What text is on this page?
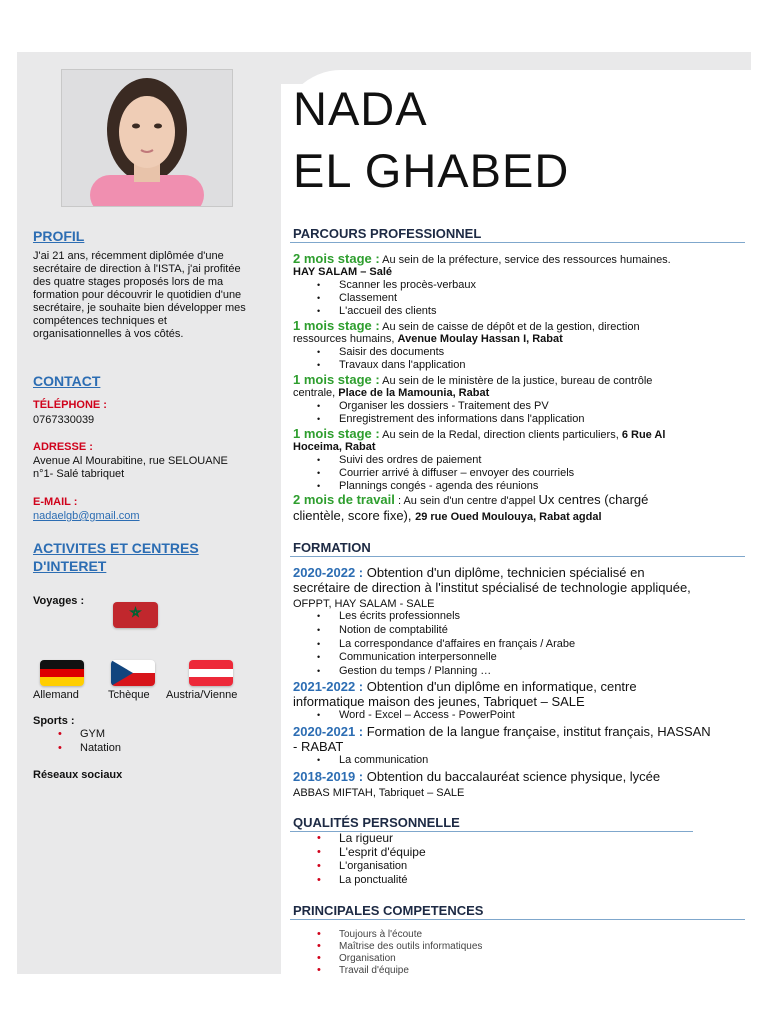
NADA
EL GHABED
PROFIL
J'ai 21 ans, récemment diplômée d'une secrétaire de direction à l'ISTA, j'ai profitée des quatre stages proposés lors de ma formation pour découvrir le quotidien d'une secrétaire, je souhaite bien développer mes compétences techniques et organisationnelles à vos côtés.
CONTACT
TÉLÉPHONE :
0767330039
ADRESSE :
Avenue Al Mourabitine, rue SELOUANE
n°1- Salé tabriquet
E-MAIL :
nadaelgb@gmail.com
ACTIVITES ET CENTRES
D'INTERET
Voyages :
Allemand	Tchèque Austria/Vienne
Sports :
• GYM
• Natation
Réseaux sociaux
PARCOURS PROFESSIONNEL
2 mois stage : Au sein de la préfecture, service des ressources humaines.
HAY SALAM – Salé
• Scanner les procès-verbaux
• Classement
• L'accueil des clients
1 mois stage : Au sein de caisse de dépôt et de la gestion, direction
ressources humains, Avenue Moulay Hassan I, Rabat
• Saisir des documents
• Travaux dans l'application
1 mois stage : Au sein de le ministère de la justice, bureau de contrôle
centrale, Place de la Mamounia, Rabat
• Organiser les dossiers - Traitement des PV
• Enregistrement des informations dans l'application
1 mois stage : Au sein de la Redal, direction clients particuliers, 6 Rue Al
Hoceima, Rabat
• Suivi des ordres de paiement
• Courrier arrivé à diffuser – envoyer des courriels
• Plannings congés - agenda des réunions
2 mois de travail : Au sein d'un centre d'appel Ux centres (chargé
clientèle, score fixe), 29 rue Oued Moulouya, Rabat agdal
FORMATION
2020-2022 : Obtention d'un diplôme, technicien spécialisé en
secrétaire de direction à l'institut spécialisé de technologie appliquée,
OFPPT, HAY SALAM - SALE
• Les écrits professionnels
• Notion de comptabilité
• La correspondance d'affaires en français / Arabe
• Communication interpersonnelle
• Gestion du temps / Planning …
2021-2022 : Obtention d'un diplôme en informatique, centre
informatique maison des jeunes, Tabriquet – SALE
• Word - Excel – Access - PowerPoint
2020-2021 : Formation de la langue française, institut français, HASSAN
- RABAT
• La communication
2018-2019 : Obtention du baccalauréat science physique, lycée
ABBAS MIFTAH, Tabriquet – SALE
QUALITÉS PERSONNELLE
• La rigueur
• L'esprit d'équipe
• L'organisation
• La ponctualité
PRINCIPALES COMPETENCES
• Toujours à l'écoute
• Maîtrise des outils informatiques
• Organisation
• Travail d'équipe
